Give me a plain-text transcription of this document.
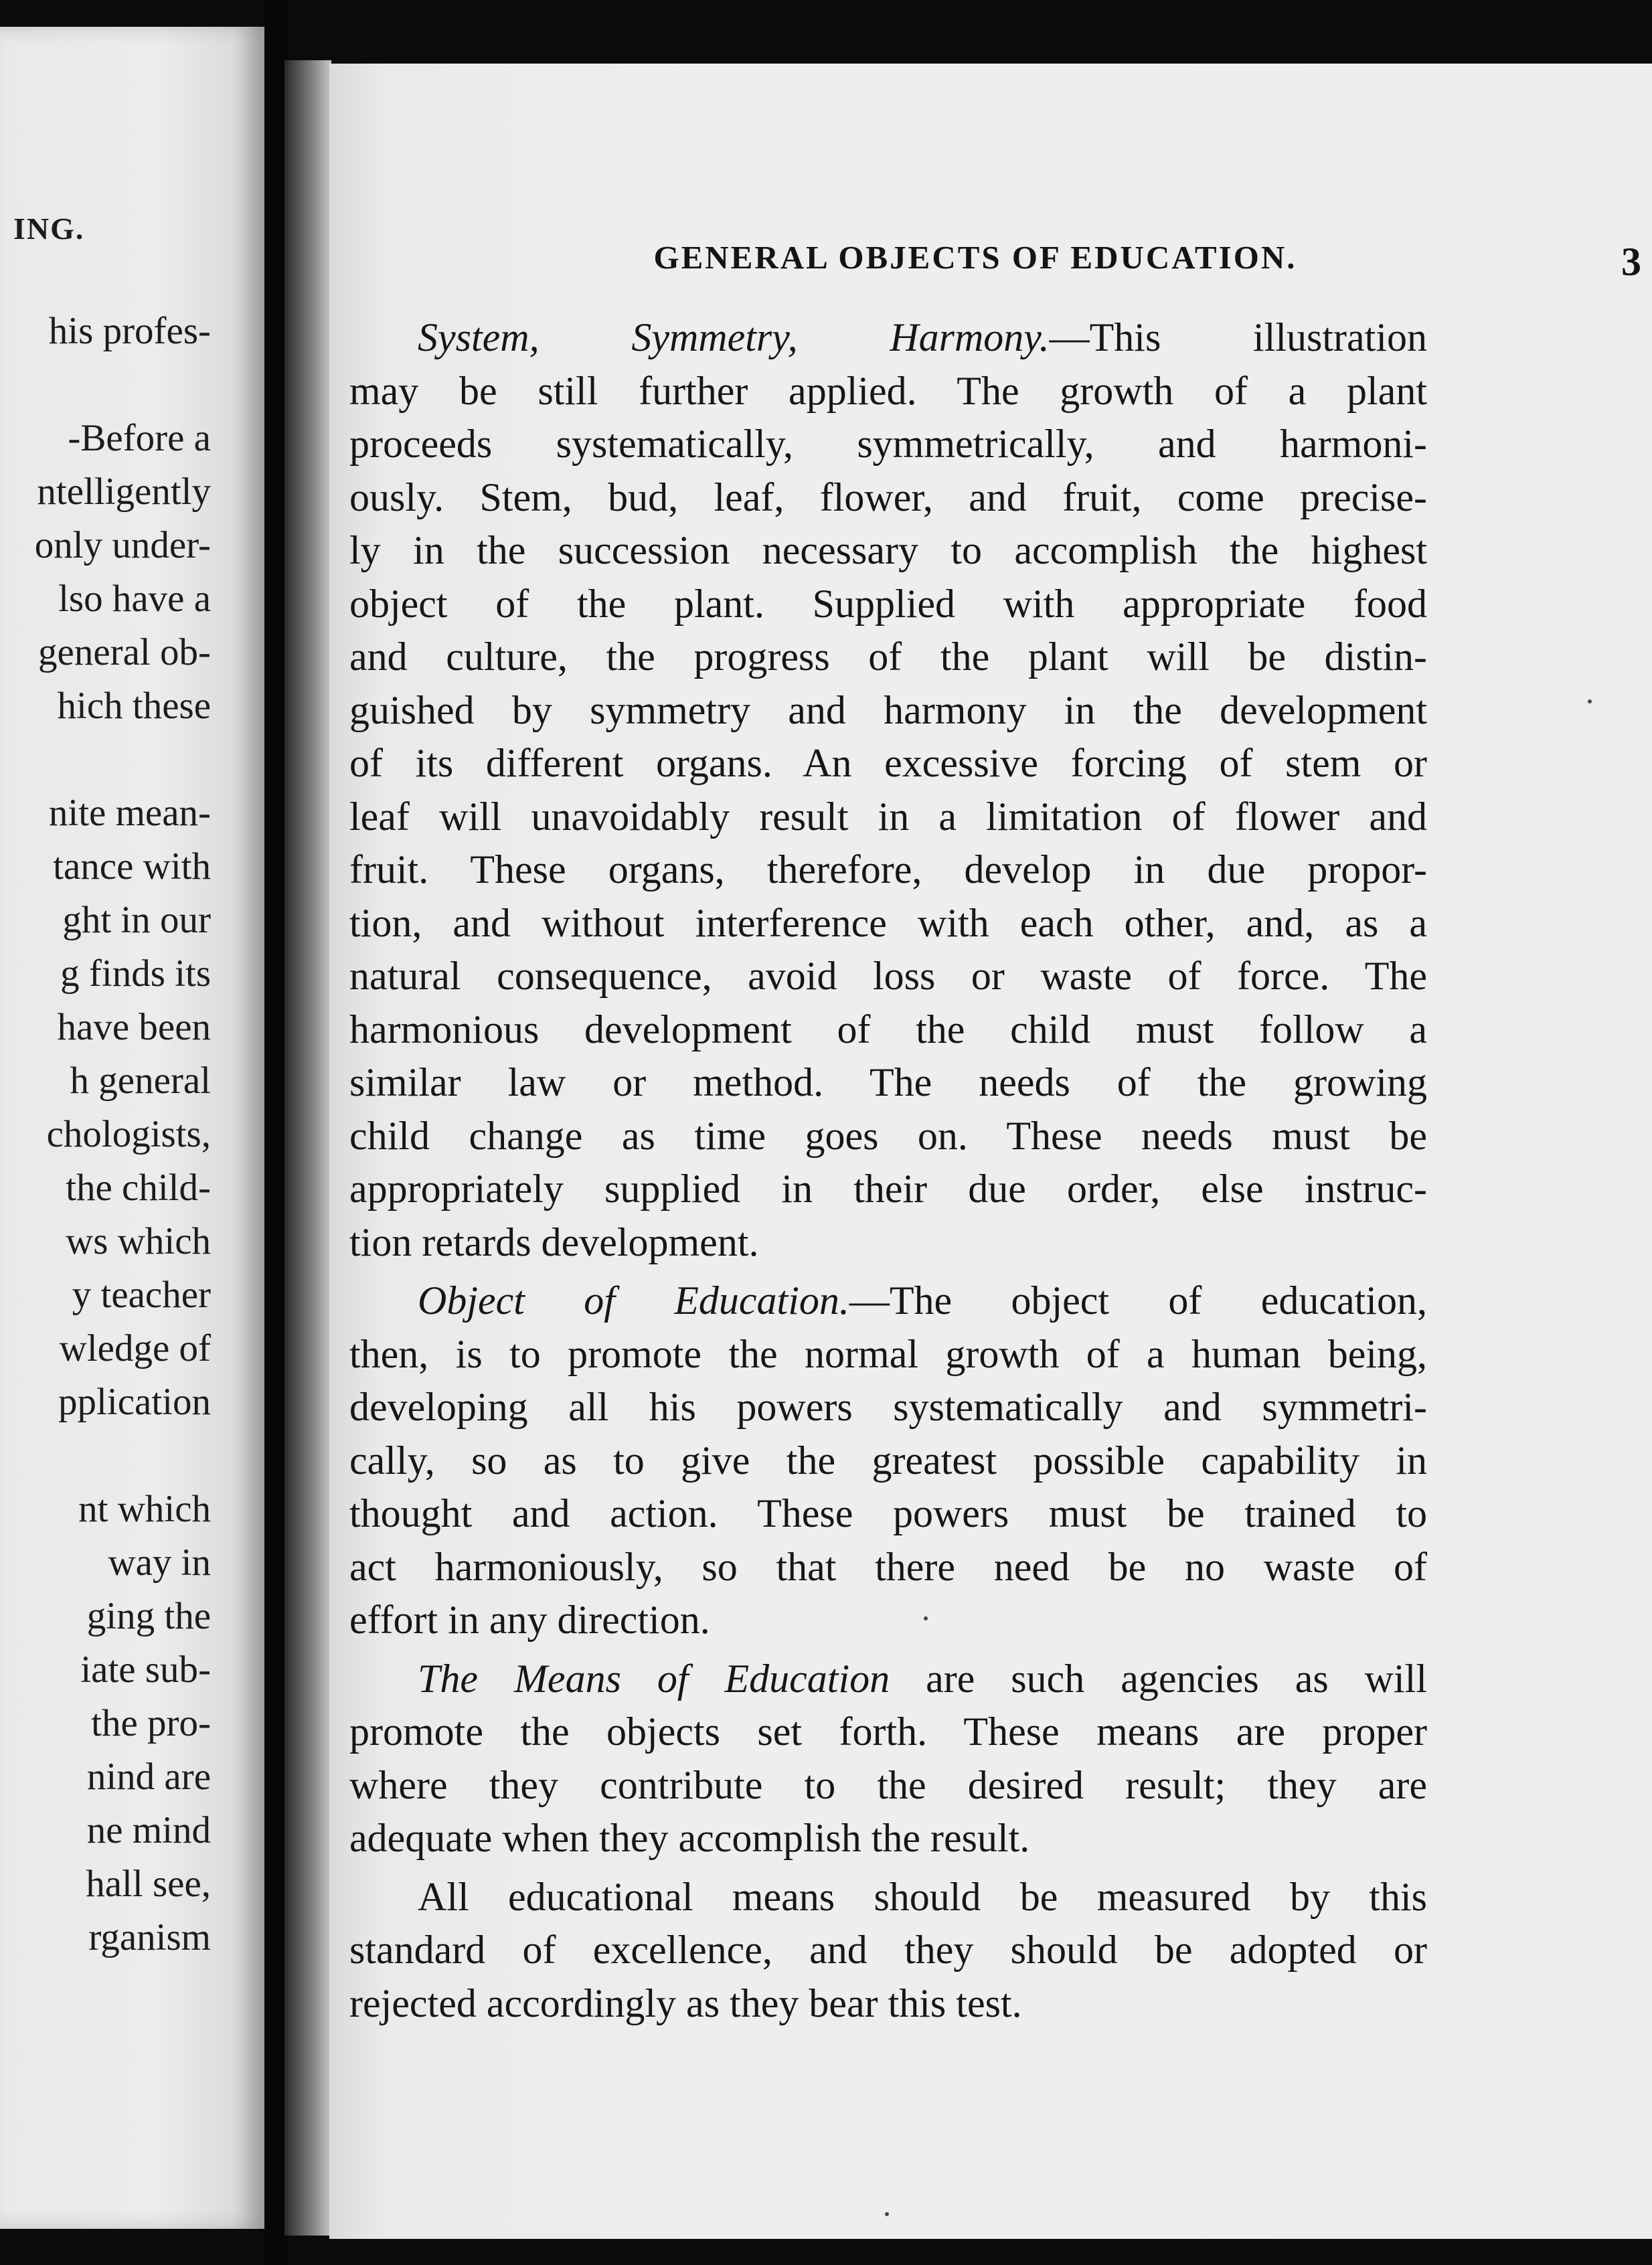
ING.
his profes-
-Before a
ntelligently
only under-
lso have a
general ob-
hich these
nite mean-
tance with
ght in our
g finds its
have been
h general
chologists,
the child-
ws which
y teacher
wledge of
pplication
nt which
way in
ging the
iate sub-
the pro-
nind are
ne mind
hall see,
rganism
GENERAL OBJECTS OF EDUCATION.	3
System, Symmetry, Harmony.—This illustration
may be still further applied. The growth of a plant
proceeds systematically, symmetrically, and harmoni-
ously. Stem, bud, leaf, flower, and fruit, come precise-
ly in the succession necessary to accomplish the highest
object of the plant. Supplied with appropriate food
and culture, the progress of the plant will be distin-
guished by symmetry and harmony in the development
of its different organs. An excessive forcing of stem or
leaf will unavoidably result in a limitation of flower and
fruit. These organs, therefore, develop in due propor-
tion, and without interference with each other, and, as a
natural consequence, avoid loss or waste of force. The
harmonious development of the child must follow a
similar law or method. The needs of the growing
child change as time goes on. These needs must be
appropriately supplied in their due order, else instruc-
tion retards development.
Object of Education.—The object of education,
then, is to promote the normal growth of a human being,
developing all his powers systematically and symmetri-
cally, so as to give the greatest possible capability in
thought and action. These powers must be trained to
act harmoniously, so that there need be no waste of
effort in any direction.
The Means of Education are such agencies as will
promote the objects set forth. These means are proper
where they contribute to the desired result; they are
adequate when they accomplish the result.
All educational means should be measured by this
standard of excellence, and they should be adopted or
rejected accordingly as they bear this test.
